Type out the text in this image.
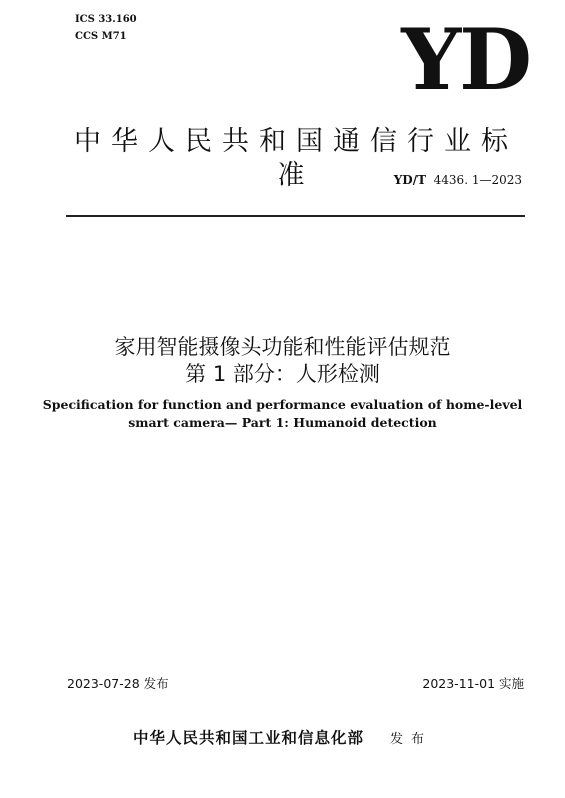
ICS 33.160
CCS M71	YD
中华人民共和国通信行业标准	YD/T 4436. 1—2023
家用智能摄像头功能和性能评估规范
第 1 部分：人形检测
Specification for function and performance evaluation of home-level
smart camera— Part 1: Humanoid detection
2023-07-28 发布	2023-11-01 实施
中华人民共和国工业和信息化部 发布
